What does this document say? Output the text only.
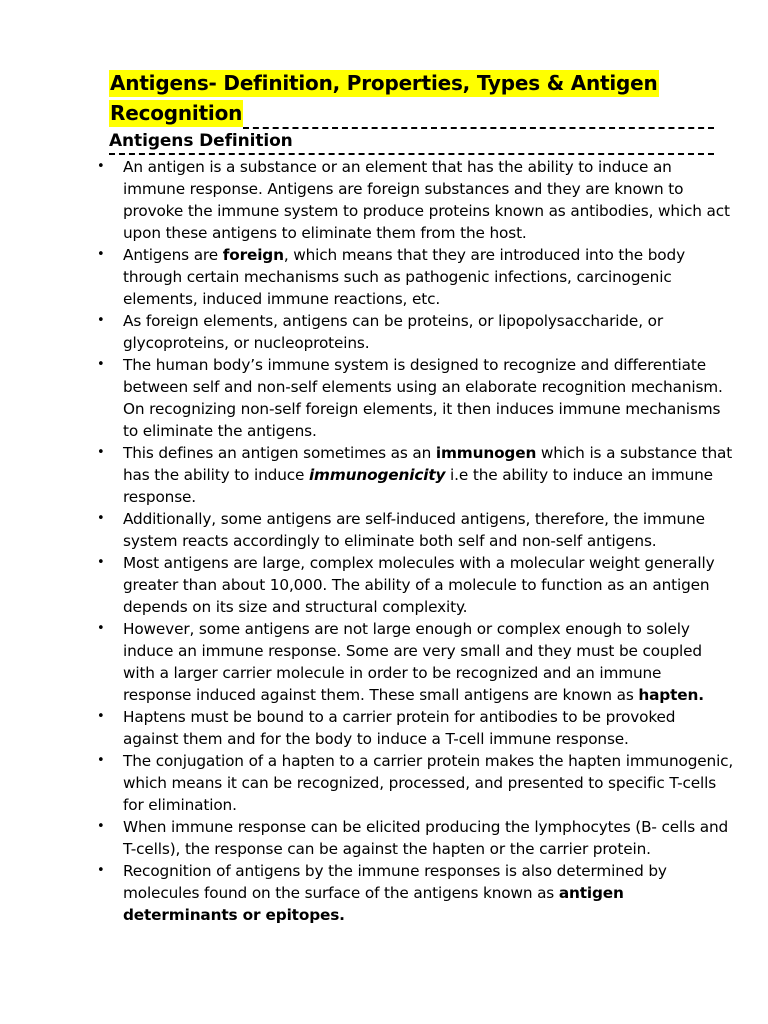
Antigens- Definition, Properties, Types & Antigen
Recognition
Antigens Definition
• An antigen is a substance or an element that has the ability to induce an immune response. Antigens are foreign substances and they are known to provoke the immune system to produce proteins known as antibodies, which act upon these antigens to eliminate them from the host.
• Antigens are foreign, which means that they are introduced into the body through certain mechanisms such as pathogenic infections, carcinogenic elements, induced immune reactions, etc.
• As foreign elements, antigens can be proteins, or lipopolysaccharide, or glycoproteins, or nucleoproteins.
• The human body’s immune system is designed to recognize and differentiate between self and non-self elements using an elaborate recognition mechanism. On recognizing non-self foreign elements, it then induces immune mechanisms to eliminate the antigens.
• This defines an antigen sometimes as an immunogen which is a substance that has the ability to induce immunogenicity i.e the ability to induce an immune response.
• Additionally, some antigens are self-induced antigens, therefore, the immune system reacts accordingly to eliminate both self and non-self antigens.
• Most antigens are large, complex molecules with a molecular weight generally greater than about 10,000. The ability of a molecule to function as an antigen depends on its size and structural complexity.
• However, some antigens are not large enough or complex enough to solely induce an immune response. Some are very small and they must be coupled with a larger carrier molecule in order to be recognized and an immune response induced against them. These small antigens are known as hapten.
• Haptens must be bound to a carrier protein for antibodies to be provoked against them and for the body to induce a T-cell immune response.
• The conjugation of a hapten to a carrier protein makes the hapten immunogenic, which means it can be recognized, processed, and presented to specific T-cells for elimination.
• When immune response can be elicited producing the lymphocytes (B- cells and T-cells), the response can be against the hapten or the carrier protein.
• Recognition of antigens by the immune responses is also determined by molecules found on the surface of the antigens known as antigen determinants or epitopes.
